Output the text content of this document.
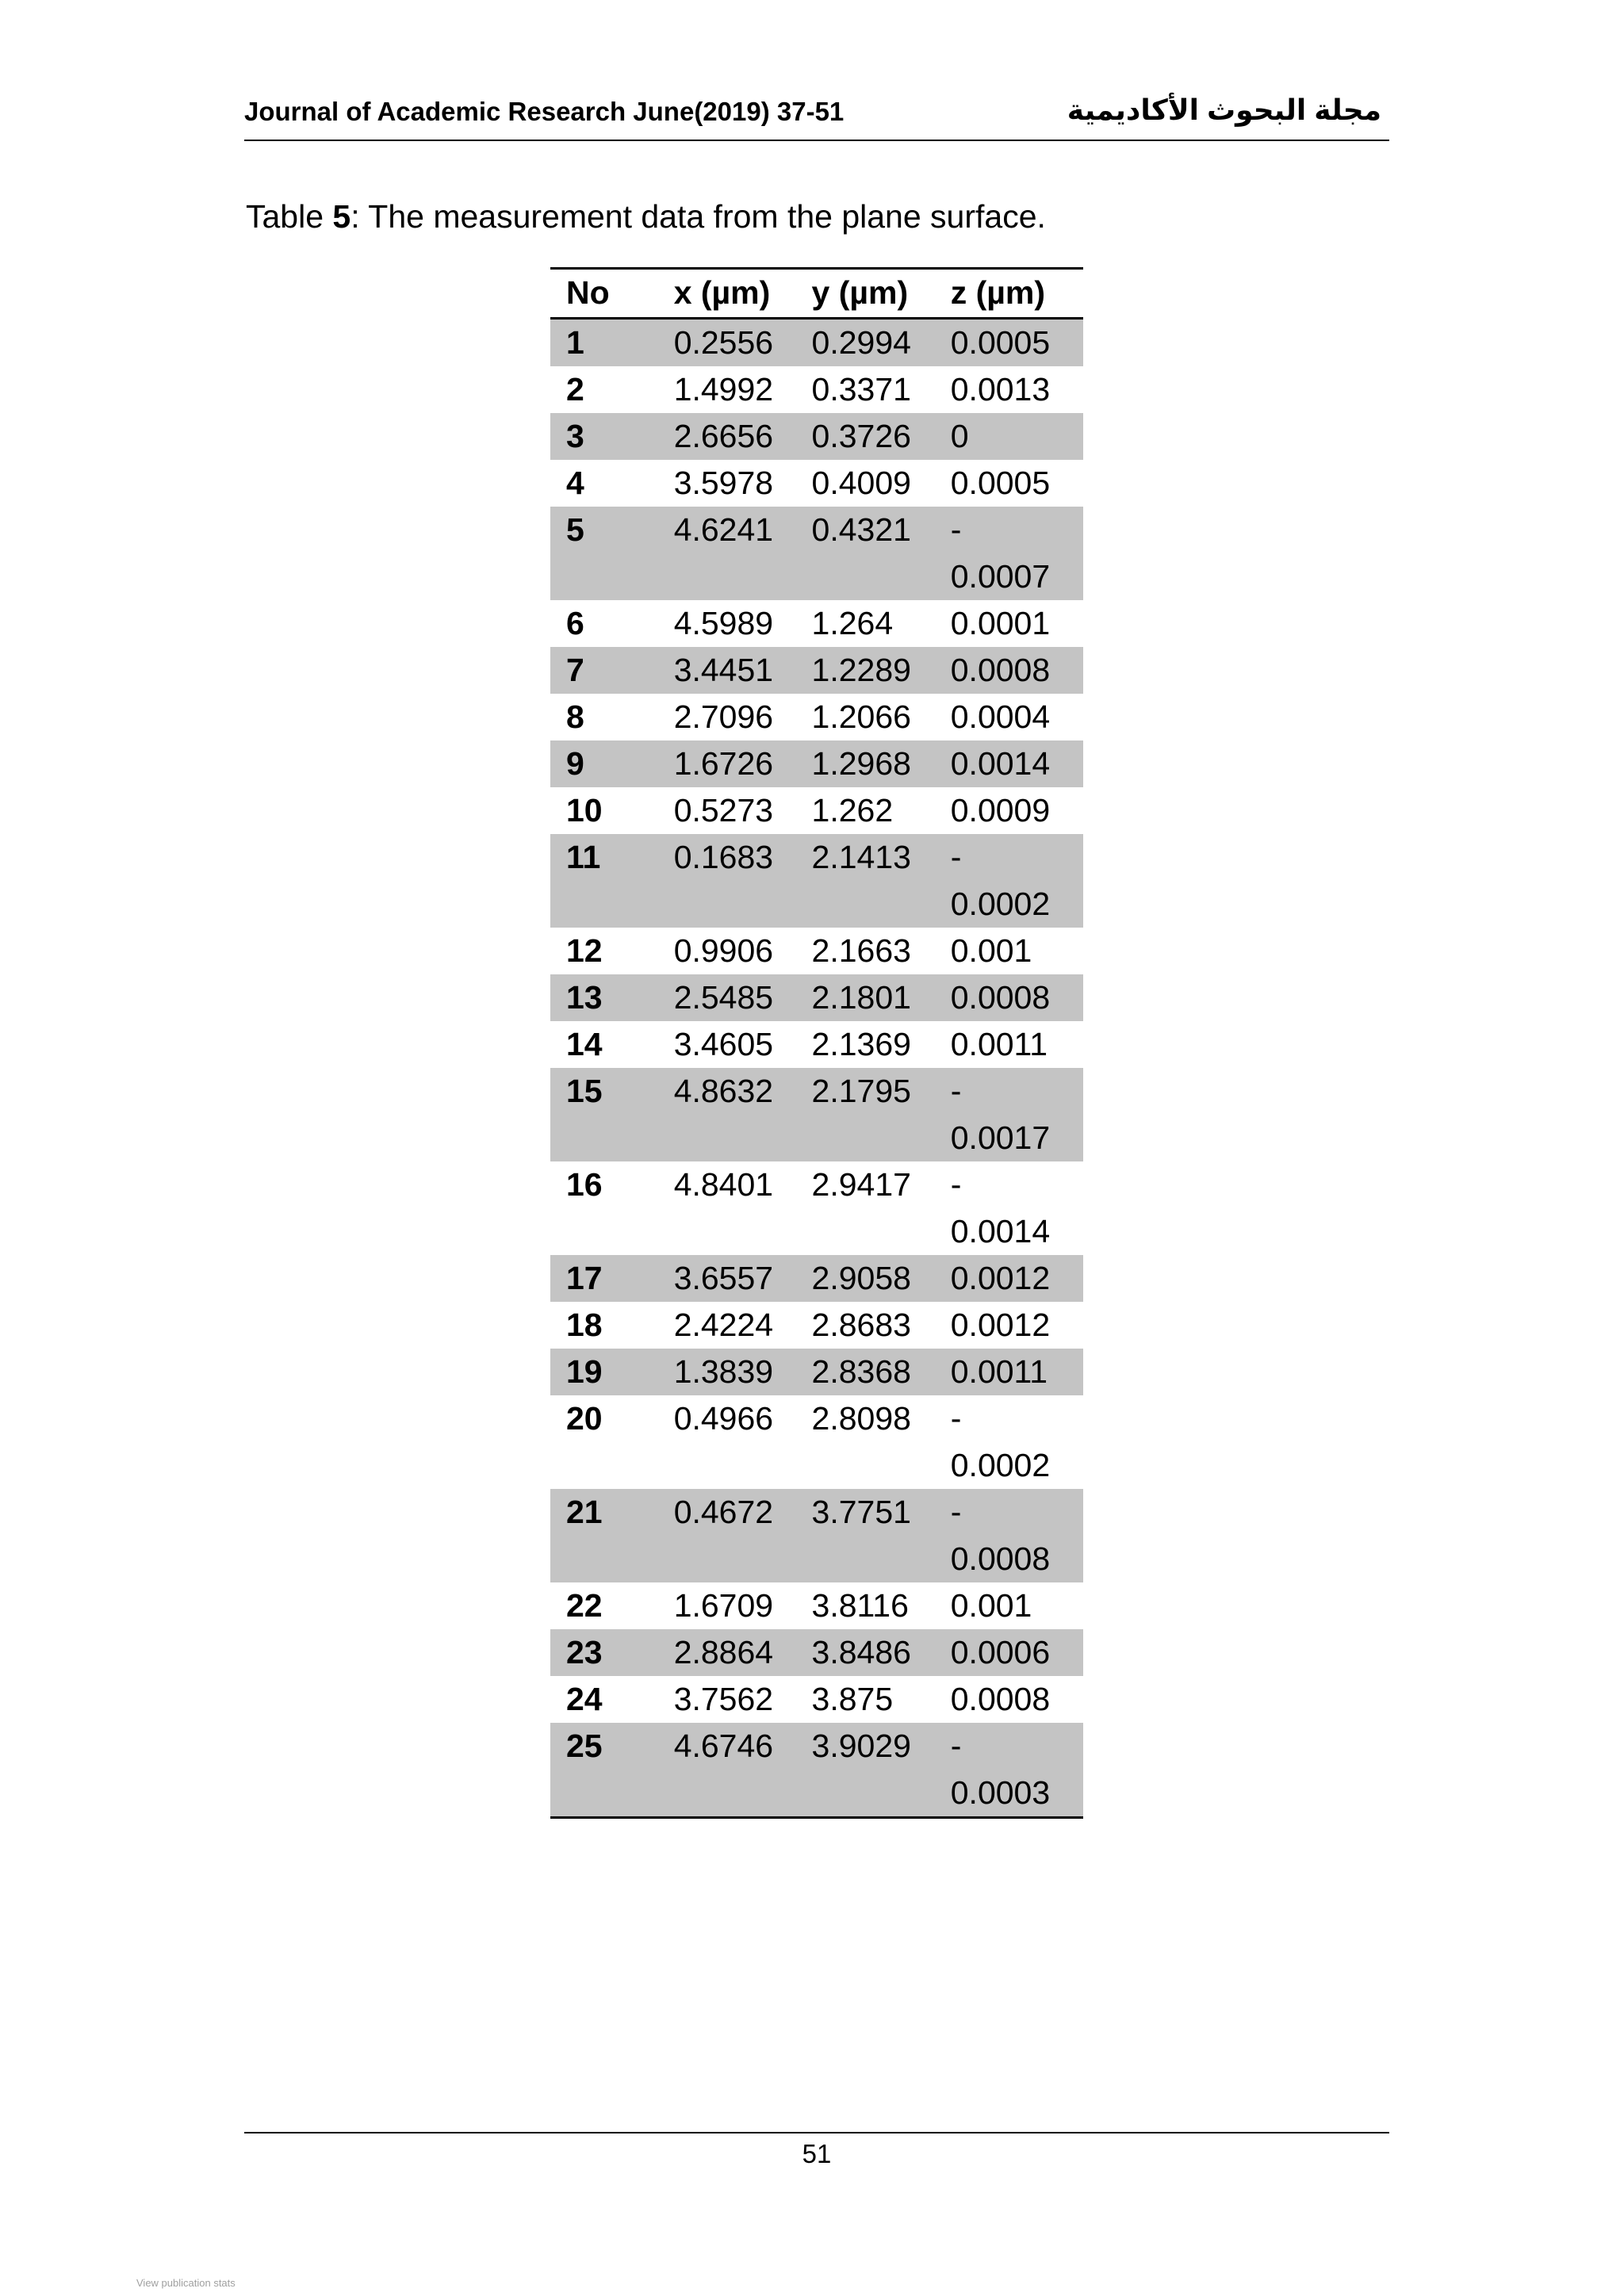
Journal of Academic Research June(2019) 37-51	مجلة البحوث الأكاديمية
Table 5: The measurement data from the plane surface.
No	x (µm)	y (µm)	z (µm)
1	0.2556	0.2994	0.0005
2	1.4992	0.3371	0.0013
3	2.6656	0.3726	0
4	3.5978	0.4009	0.0005
5	4.6241	0.4321	-
0.0007
6	4.5989	1.264	0.0001
7	3.4451	1.2289	0.0008
8	2.7096	1.2066	0.0004
9	1.6726	1.2968	0.0014
10	0.5273	1.262	0.0009
11	0.1683	2.1413	-
0.0002
12	0.9906	2.1663	0.001
13	2.5485	2.1801	0.0008
14	3.4605	2.1369	0.0011
15	4.8632	2.1795	-
0.0017
16	4.8401	2.9417	-
0.0014
17	3.6557	2.9058	0.0012
18	2.4224	2.8683	0.0012
19	1.3839	2.8368	0.0011
20	0.4966	2.8098	-
0.0002
21	0.4672	3.7751	-
0.0008
22	1.6709	3.8116	0.001
23	2.8864	3.8486	0.0006
24	3.7562	3.875	0.0008
25	4.6746	3.9029	-
0.0003
51
View publication stats
